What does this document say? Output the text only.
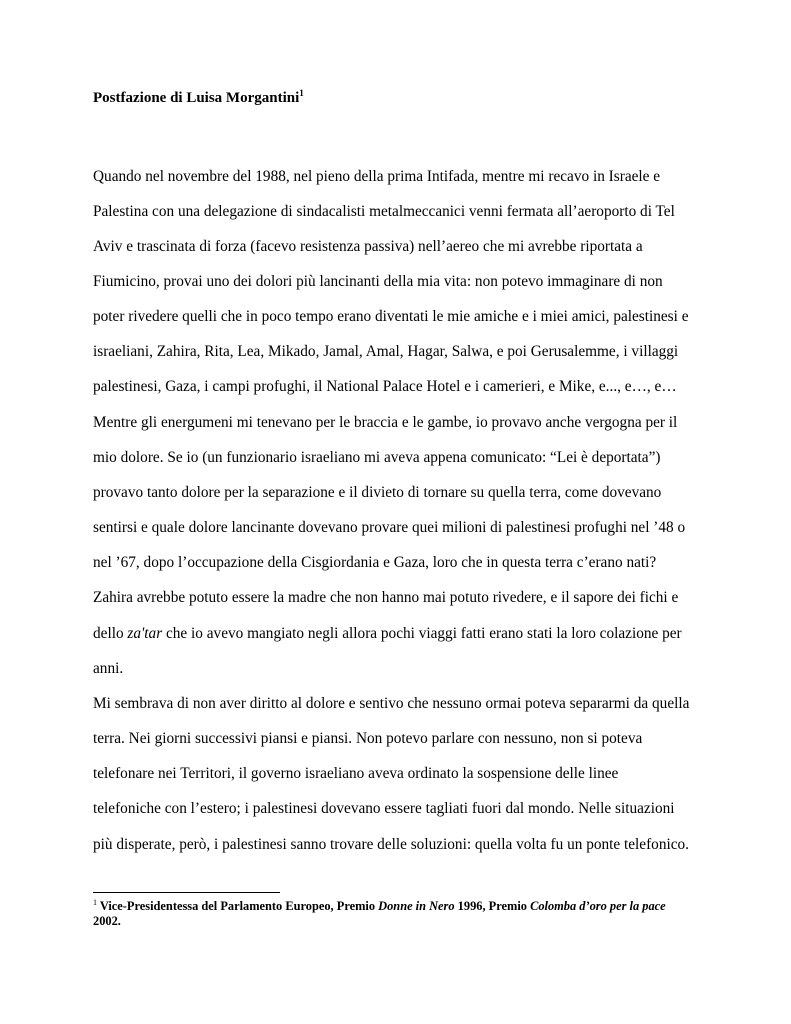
Postfazione di Luisa Morgantini$^1$
Quando nel novembre del 1988, nel pieno della prima Intifada, mentre mi recavo in Israele e
Palestina con una delegazione di sindacalisti metalmeccanici venni fermata all’aeroporto di Tel
Aviv e trascinata di forza (facevo resistenza passiva) nell’aereo che mi avrebbe riportata a
Fiumicino, provai uno dei dolori più lancinanti della mia vita: non potevo immaginare di non
poter rivedere quelli che in poco tempo erano diventati le mie amiche e i miei amici, palestinesi e
israeliani, Zahira, Rita, Lea, Mikado, Jamal, Amal, Hagar, Salwa, e poi Gerusalemme, i villaggi
palestinesi, Gaza, i campi profughi, il National Palace Hotel e i camerieri, e Mike, e..., e…, e…
Mentre gli energumeni mi tenevano per le braccia e le gambe, io provavo anche vergogna per il
mio dolore. Se io (un funzionario israeliano mi aveva appena comunicato: “Lei è deportata”)
provavo tanto dolore per la separazione e il divieto di tornare su quella terra, come dovevano
sentirsi e quale dolore lancinante dovevano provare quei milioni di palestinesi profughi nel ’48 o
nel ’67, dopo l’occupazione della Cisgiordania e Gaza, loro che in questa terra c’erano nati?
Zahira avrebbe potuto essere la madre che non hanno mai potuto rivedere, e il sapore dei fichi e
dello za'tar che io avevo mangiato negli allora pochi viaggi fatti erano stati la loro colazione per
anni.
Mi sembrava di non aver diritto al dolore e sentivo che nessuno ormai poteva separarmi da quella
terra. Nei giorni successivi piansi e piansi. Non potevo parlare con nessuno, non si poteva
telefonare nei Territori, il governo israeliano aveva ordinato la sospensione delle linee
telefoniche con l’estero; i palestinesi dovevano essere tagliati fuori dal mondo. Nelle situazioni
più disperate, però, i palestinesi sanno trovare delle soluzioni: quella volta fu un ponte telefonico.
$^1$ Vice-Presidentessa del Parlamento Europeo, Premio Donne in Nero 1996, Premio Colomba d’oro per la pace
2002.
